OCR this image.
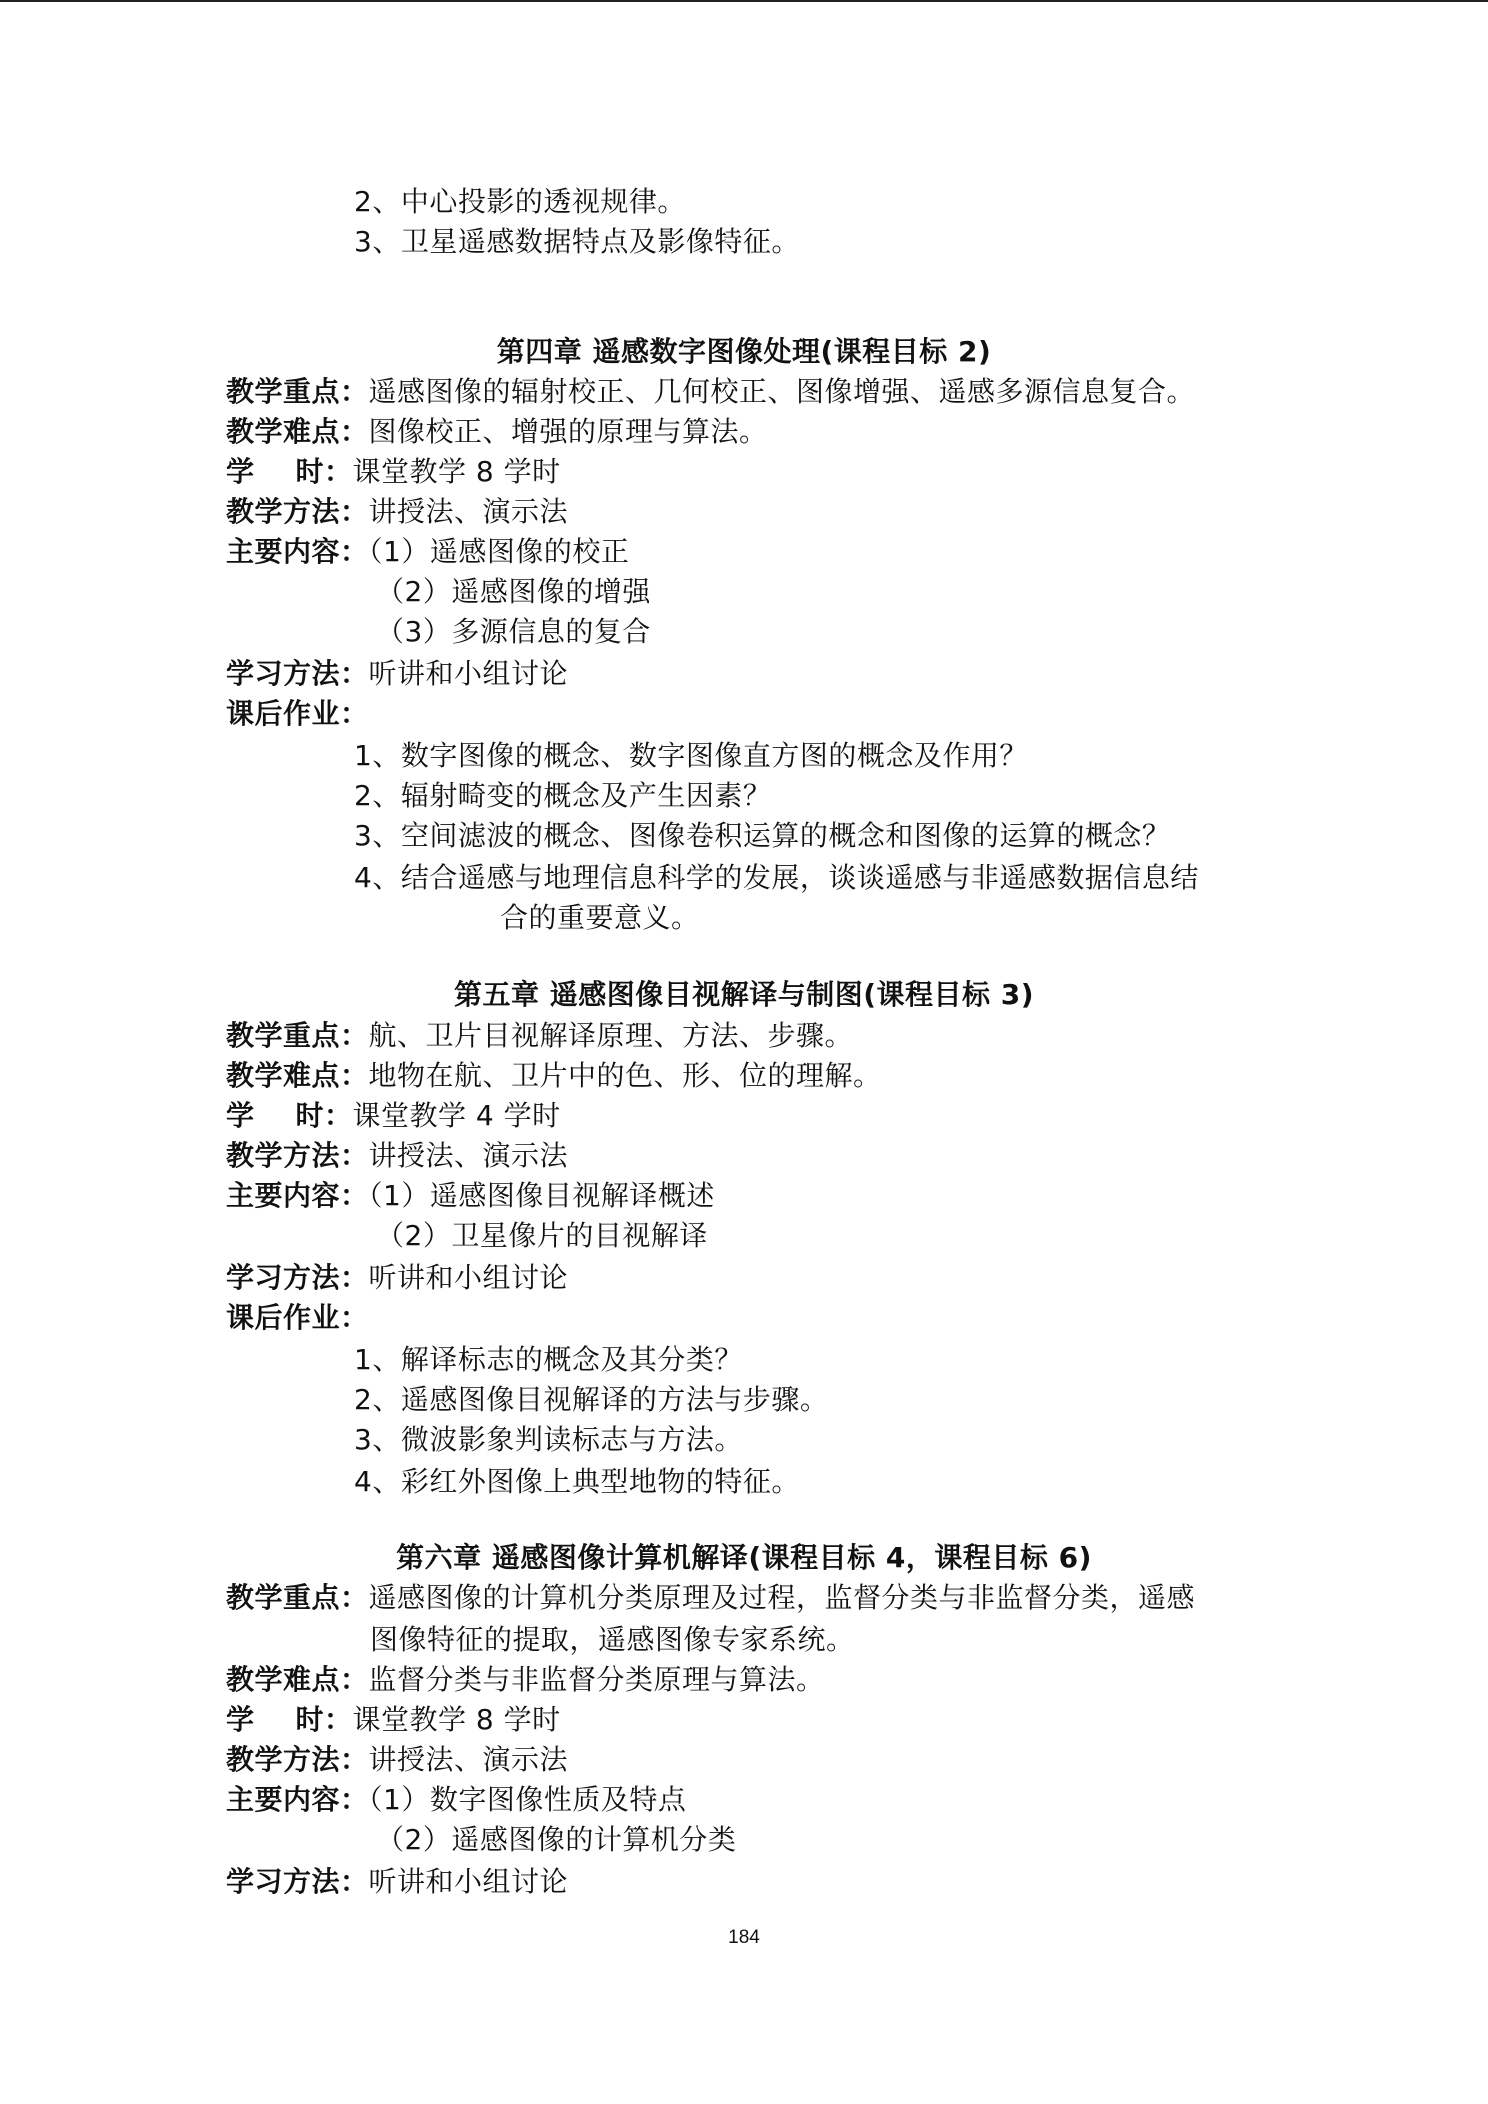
2、中心投影的透视规律。
3、卫星遥感数据特点及影像特征。
第四章 遥感数字图像处理(课程目标 2)
教学重点：遥感图像的辐射校正、几何校正、图像增强、遥感多源信息复合。
教学难点：图像校正、增强的原理与算法。
学    时：课堂教学 8 学时
教学方法：讲授法、演示法
主要内容：（1）遥感图像的校正
（2）遥感图像的增强
（3）多源信息的复合
学习方法：听讲和小组讨论
课后作业：
1、数字图像的概念、数字图像直方图的概念及作用？
2、辐射畸变的概念及产生因素？
3、空间滤波的概念、图像卷积运算的概念和图像的运算的概念？
4、结合遥感与地理信息科学的发展，谈谈遥感与非遥感数据信息结
合的重要意义。
第五章 遥感图像目视解译与制图(课程目标 3)
教学重点：航、卫片目视解译原理、方法、步骤。
教学难点：地物在航、卫片中的色、形、位的理解。
学    时：课堂教学 4 学时
教学方法：讲授法、演示法
主要内容：（1）遥感图像目视解译概述
（2）卫星像片的目视解译
学习方法：听讲和小组讨论
课后作业：
1、解译标志的概念及其分类？
2、遥感图像目视解译的方法与步骤。
3、微波影象判读标志与方法。
4、彩红外图像上典型地物的特征。
第六章 遥感图像计算机解译(课程目标 4，课程目标 6)
教学重点：遥感图像的计算机分类原理及过程，监督分类与非监督分类，遥感
图像特征的提取，遥感图像专家系统。
教学难点：监督分类与非监督分类原理与算法。
学    时：课堂教学 8 学时
教学方法：讲授法、演示法
主要内容：（1）数字图像性质及特点
（2）遥感图像的计算机分类
学习方法：听讲和小组讨论
184
